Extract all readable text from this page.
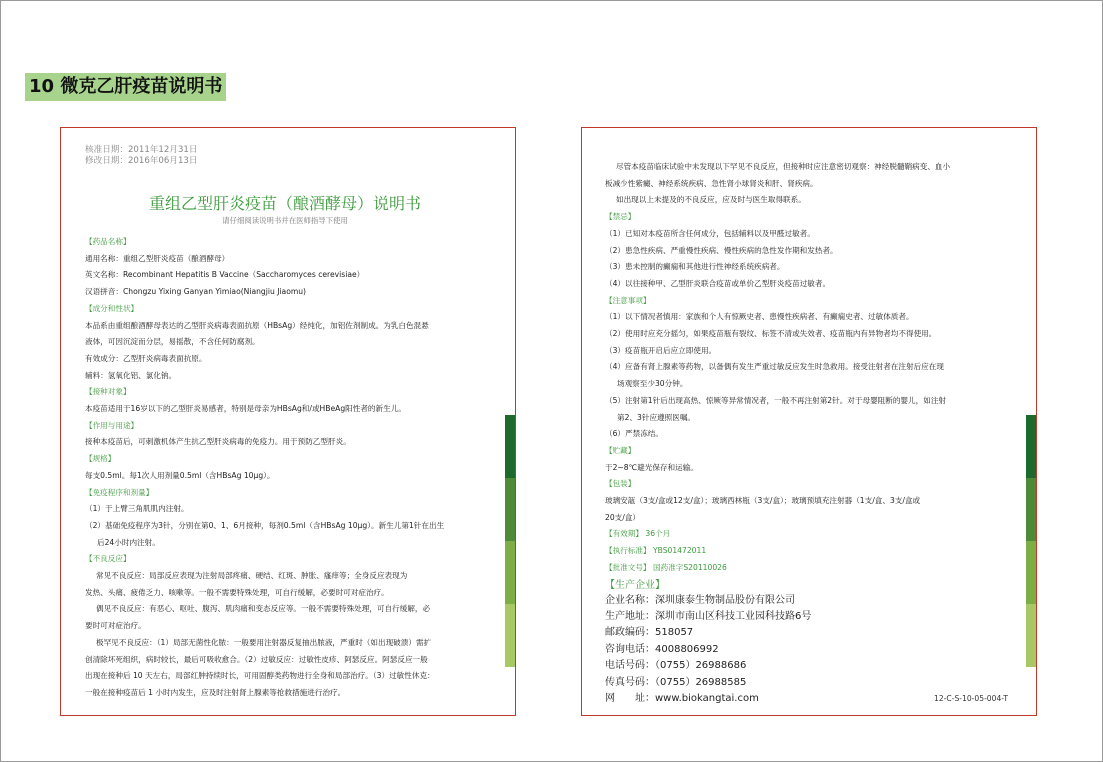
10 微克乙肝疫苗说明书
核准日期：2011年12月31日
修改日期：2016年06月13日
重组乙型肝炎疫苗（酿酒酵母）说明书
请仔细阅读说明书并在医师指导下使用
【药品名称】
通用名称：重组乙型肝炎疫苗（酿酒酵母）
英文名称：Recombinant Hepatitis B Vaccine（Saccharomyces cerevisiae）
汉语拼音：Chongzu Yixing Ganyan Yimiao(Niangjiu Jiaomu)
【成分和性状】
本品系由重组酿酒酵母表达的乙型肝炎病毒表面抗原（HBsAg）经纯化，加铝佐剂制成。为乳白色混悬
液体，可因沉淀而分层，易摇散，不含任何防腐剂。
有效成分：乙型肝炎病毒表面抗原。
辅料：氢氧化铝、氯化钠。
【接种对象】
本疫苗适用于16岁以下的乙型肝炎易感者，特别是母亲为HBsAg和/或HBeAg阳性者的新生儿。
【作用与用途】
接种本疫苗后，可刺激机体产生抗乙型肝炎病毒的免疫力。用于预防乙型肝炎。
【规格】
每支0.5ml。每1次人用剂量0.5ml（含HBsAg 10μg）。
【免疫程序和剂量】
（1）于上臂三角肌肌内注射。
（2）基础免疫程序为3针，分别在第0、1、6月接种，每剂0.5ml（含HBsAg 10μg）。新生儿第1针在出生
后24小时内注射。
【不良反应】
常见不良反应：局部反应表现为注射局部疼痛、硬结、红斑、肿胀、瘙痒等；全身反应表现为
发热、头痛、疲倦乏力、咳嗽等。一般不需要特殊处理，可自行缓解，必要时可对症治疗。
偶见不良反应：有恶心、呕吐、腹泻、肌肉痛和变态反应等。一般不需要特殊处理，可自行缓解，必
要时可对症治疗。
极罕见不良反应：（1）局部无菌性化脓：一般要用注射器反复抽出脓液，严重时（如出现破溃）需扩
创清除坏死组织，病时较长，最后可吸收愈合。（2）过敏反应：过敏性皮疹、阿瑟反应。阿瑟反应一般
出现在接种后 10 天左右，局部红肿持续时长，可用固醇类药物进行全身和局部治疗。（3）过敏性休克：
一般在接种疫苗后 1 小时内发生，应及时注射肾上腺素等抢救措施进行治疗。
尽管本疫苗临床试验中未发现以下罕见不良反应，但接种时应注意密切观察：神经脱髓鞘病变、血小
板减少性紫癜、神经系统疾病、急性肾小球肾炎和肝、肾疾病。
如出现以上未提及的不良反应，应及时与医生取得联系。
【禁忌】
（1）已知对本疫苗所含任何成分，包括辅料以及甲醛过敏者。
（2）患急性疾病、严重慢性疾病、慢性疾病的急性发作期和发热者。
（3）患未控制的癫痫和其他进行性神经系统疾病者。
（4）以往接种甲、乙型肝炎联合疫苗或单价乙型肝炎疫苗过敏者。
【注意事项】
（1）以下情况者慎用：家族和个人有惊厥史者、患慢性疾病者、有癫痫史者、过敏体质者。
（2）使用时应充分摇匀，如果疫苗瓶有裂纹、标签不清或失效者、疫苗瓶内有异物者均不得使用。
（3）疫苗瓶开启后应立即使用。
（4）应备有肾上腺素等药物，以备偶有发生严重过敏反应发生时急救用。接受注射者在注射后应在现
场观察至少30分钟。
（5）注射第1针后出现高热、惊厥等异常情况者，一般不再注射第2针。对于母婴阻断的婴儿，如注射
第2、3针应遵照医嘱。
（6）严禁冻结。
【贮藏】
于2~8℃避光保存和运输。
【包装】
玻璃安瓿（3支/盒或12支/盒）；玻璃西林瓶（3支/盒）；玻璃预填充注射器（1支/盒、3支/盒或
20支/盒）
【有效期】 36个月
【执行标准】 YBS01472011
【批准文号】 国药准字S20110026
【生产企业】
企业名称：深圳康泰生物制品股份有限公司
生产地址：深圳市南山区科技工业园科技路6号
邮政编码：518057
咨询电话：4008806992
电话号码：（0755）26988686
传真号码：（0755）26988585
网　　址：www.biokangtai.com	12-C-S-10-05-004-T
